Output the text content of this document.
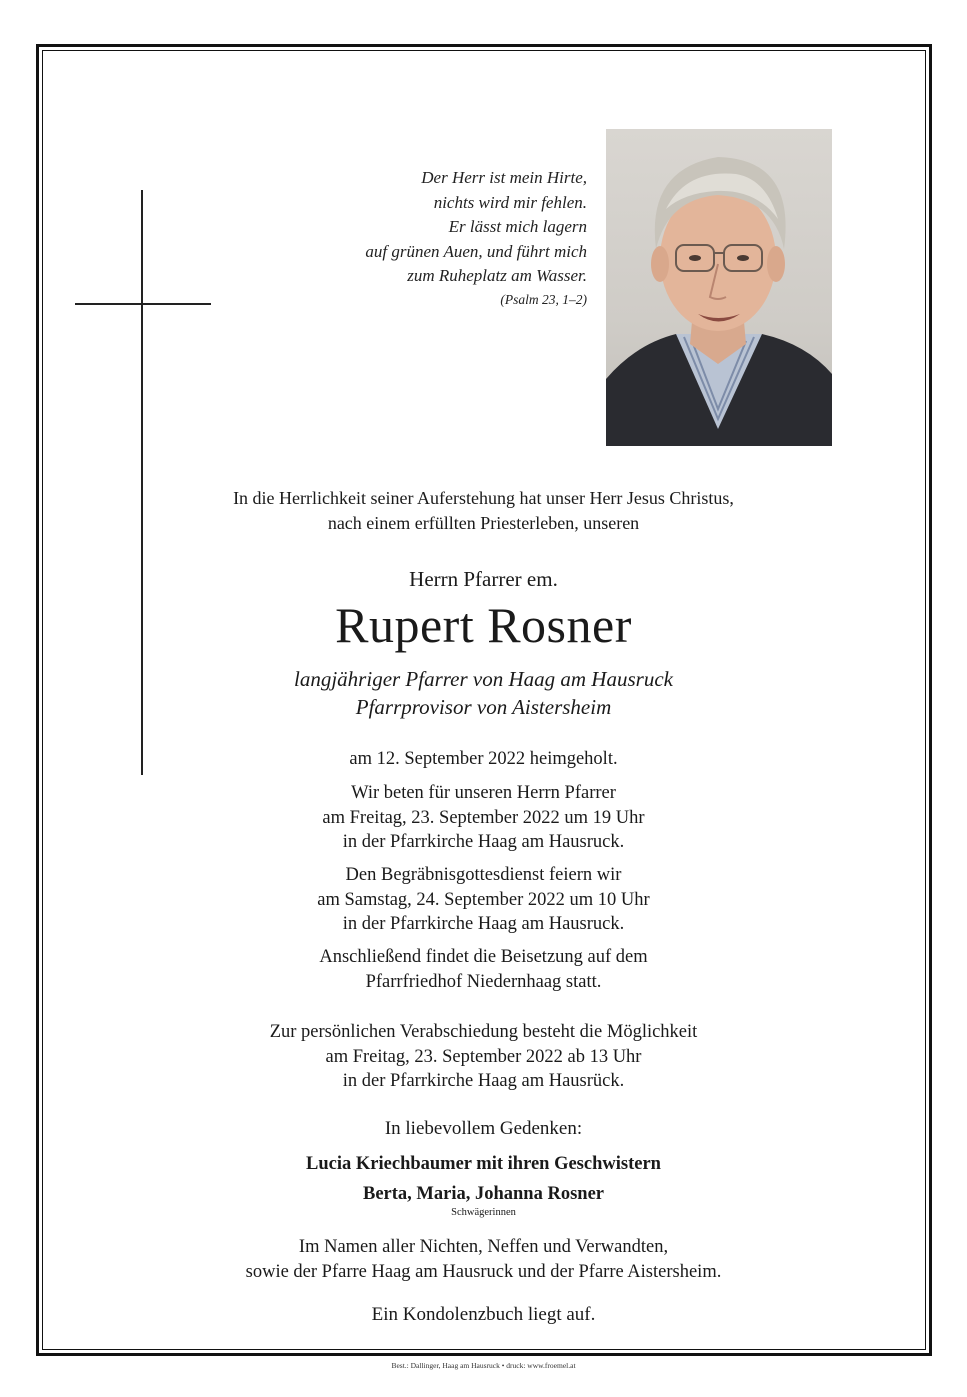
Der Herr ist mein Hirte,
nichts wird mir fehlen.
Er lässt mich lagern
auf grünen Auen, und führt mich
zum Ruheplatz am Wasser.
(Psalm 23, 1–2)
In die Herrlichkeit seiner Auferstehung hat unser Herr Jesus Christus,
nach einem erfüllten Priesterleben, unseren
Herrn Pfarrer em.
Rupert Rosner
langjähriger Pfarrer von Haag am Hausruck
Pfarrprovisor von Aistersheim
am 12. September 2022 heimgeholt.
Wir beten für unseren Herrn Pfarrer
am Freitag, 23. September 2022 um 19 Uhr
in der Pfarrkirche Haag am Hausruck.
Den Begräbnisgottesdienst feiern wir
am Samstag, 24. September 2022 um 10 Uhr
in der Pfarrkirche Haag am Hausruck.
Anschließend findet die Beisetzung auf dem
Pfarrfriedhof Niedernhaag statt.
Zur persönlichen Verabschiedung besteht die Möglichkeit
am Freitag, 23. September 2022 ab 13 Uhr
in der Pfarrkirche Haag am Hausrück.
In liebevollem Gedenken:
Lucia Kriechbaumer mit ihren Geschwistern
Berta, Maria, Johanna Rosner
Schwägerinnen
Im Namen aller Nichten, Neffen und Verwandten,
sowie der Pfarre Haag am Hausruck und der Pfarre Aistersheim.
Ein Kondolenzbuch liegt auf.
Best.: Dallinger, Haag am Hausruck • druck: www.froemel.at
